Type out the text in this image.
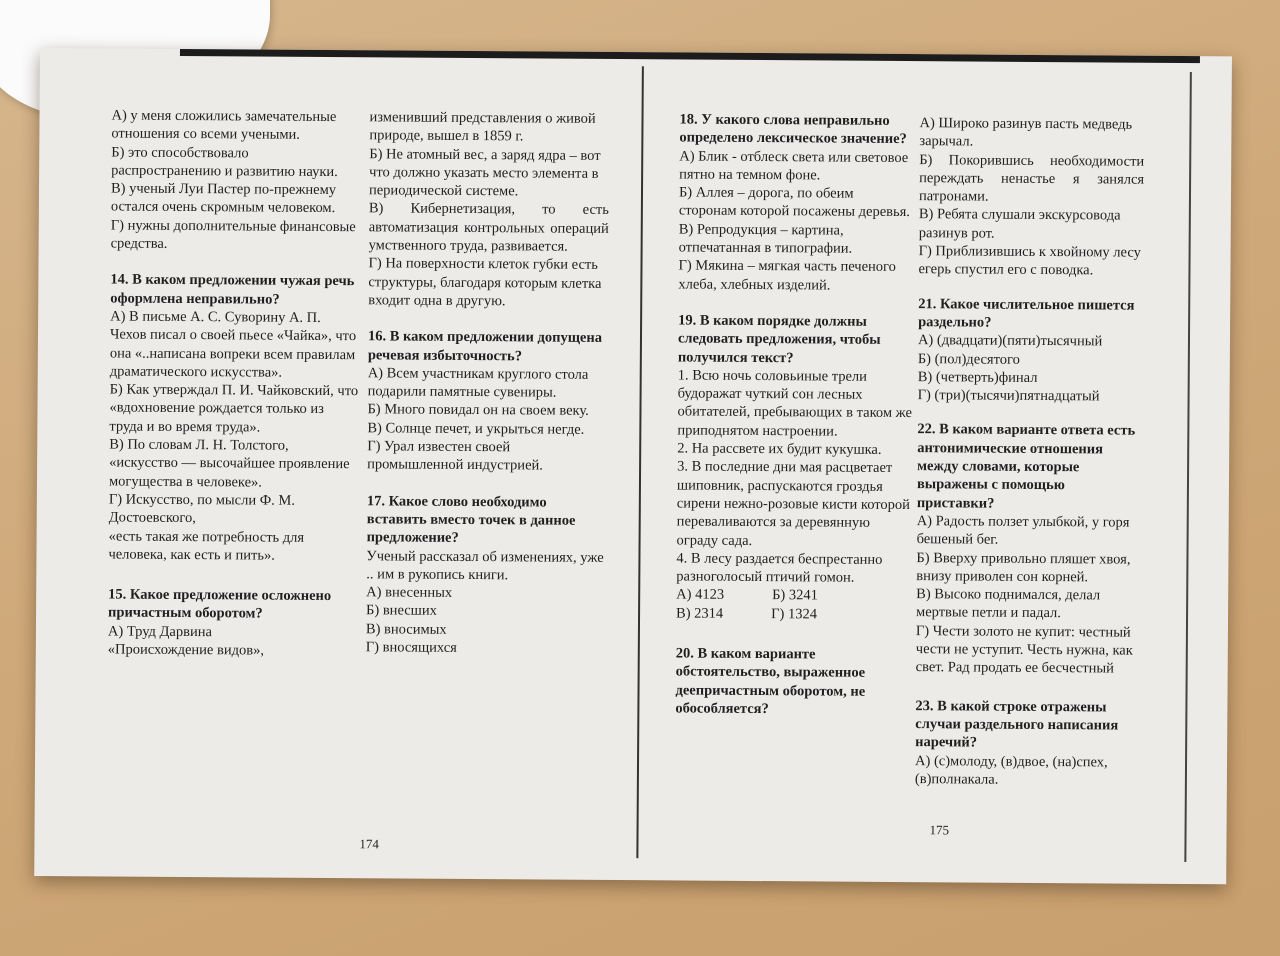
А) у меня сложились замечательные отношения со всеми учеными.

Б) это способствовало распространению и развитию науки.

В) ученый Луи Пастер по-прежнему остался очень скромным человеком.

Г) нужны дополнительные финансовые средства.

14. В каком предложении чужая речь оформлена неправильно?

А) В письме А. С. Суворину А. П. Чехов писал о своей пьесе «Чайка», что она «..написана вопреки всем правилам драматического искусства».

Б) Как утверждал П. И. Чайковский, что «вдохновение рождается только из труда и во время труда».

В) По словам Л. Н. Толстого, «искусство — высочайшее проявление могущества в человеке».

Г) Искусство, по мысли Ф. М. Достоевского,

«есть такая же потребность для человека, как есть и пить».

15. Какое предложение осложнено причастным оборотом?

А) Труд Дарвина

«Происхождение видов»,

изменивший представления о живой природе, вышел в 1859 г.

Б) Не атомный вес, а заряд ядра – вот что должно указать место элемента в периодической системе.

В) Кибернетизация, то есть автоматизация контрольных операций умственного труда, развивается.

Г) На поверхности клеток губки есть структуры, благодаря которым клетка входит одна в другую.

16. В каком предложении допущена речевая избыточность?

А) Всем участникам круглого стола подарили памятные сувениры.

Б) Много повидал он на своем веку.

В) Солнце печет, и укрыться негде.

Г) Урал известен своей промышленной индустрией.

17. Какое слово необходимо вставить вместо точек в данное предложение?

Ученый рассказал об изменениях, уже .. им в рукопись книги.

А) внесенных

Б) внесших

В) вносимых

Г) вносящихся

174

18. У какого слова неправильно определено лексическое значение?

А) Блик - отблеск света или световое пятно на темном фоне.

Б) Аллея – дорога, по обеим сторонам которой посажены деревья.

В) Репродукция – картина, отпечатанная в типографии.

Г) Мякина – мягкая часть печеного хлеба, хлебных изделий.

19. В каком порядке должны следовать предложения, чтобы получился текст?

1. Всю ночь соловьиные трели будоражат чуткий сон лесных обитателей, пребывающих в таком же приподнятом настроении.

2. На рассвете их будит кукушка.

3. В последние дни мая расцветает шиповник, распускаются гроздья сирени нежно-розовые кисти которой переваливаются за деревянную ограду сада.

4. В лесу раздается беспрестанно разноголосый птичий гомон.

А) 4123	Б) 3241
В) 2314	Г) 1324

20. В каком варианте обстоятельство, выраженное деепричастным оборотом, не обособляется?

А) Широко разинув пасть медведь зарычал.

Б) Покорившись необходимости переждать ненастье я занялся патронами.

В) Ребята слушали экскурсовода разинув рот.

Г) Приблизившись к хвойному лесу егерь спустил его с поводка.

21. Какое числительное пишется раздельно?

А) (двадцати)(пяти)тысячный

Б) (пол)десятого

В) (четверть)финал

Г) (три)(тысячи)пятнадцатый

22. В каком варианте ответа есть антонимические отношения между словами, которые выражены с помощью приставки?

А) Радость ползет улыбкой, у горя бешеный бег.

Б) Вверху привольно пляшет хвоя, внизу приволен сон корней.

В) Высоко поднимался, делал мертвые петли и падал.

Г) Чести золото не купит: честный чести не уступит. Честь нужна, как свет. Рад продать ее бесчестный

23. В какой строке отражены случаи раздельного написания наречий?

А) (с)молоду, (в)двое, (на)спех, (в)полнакала.

175
